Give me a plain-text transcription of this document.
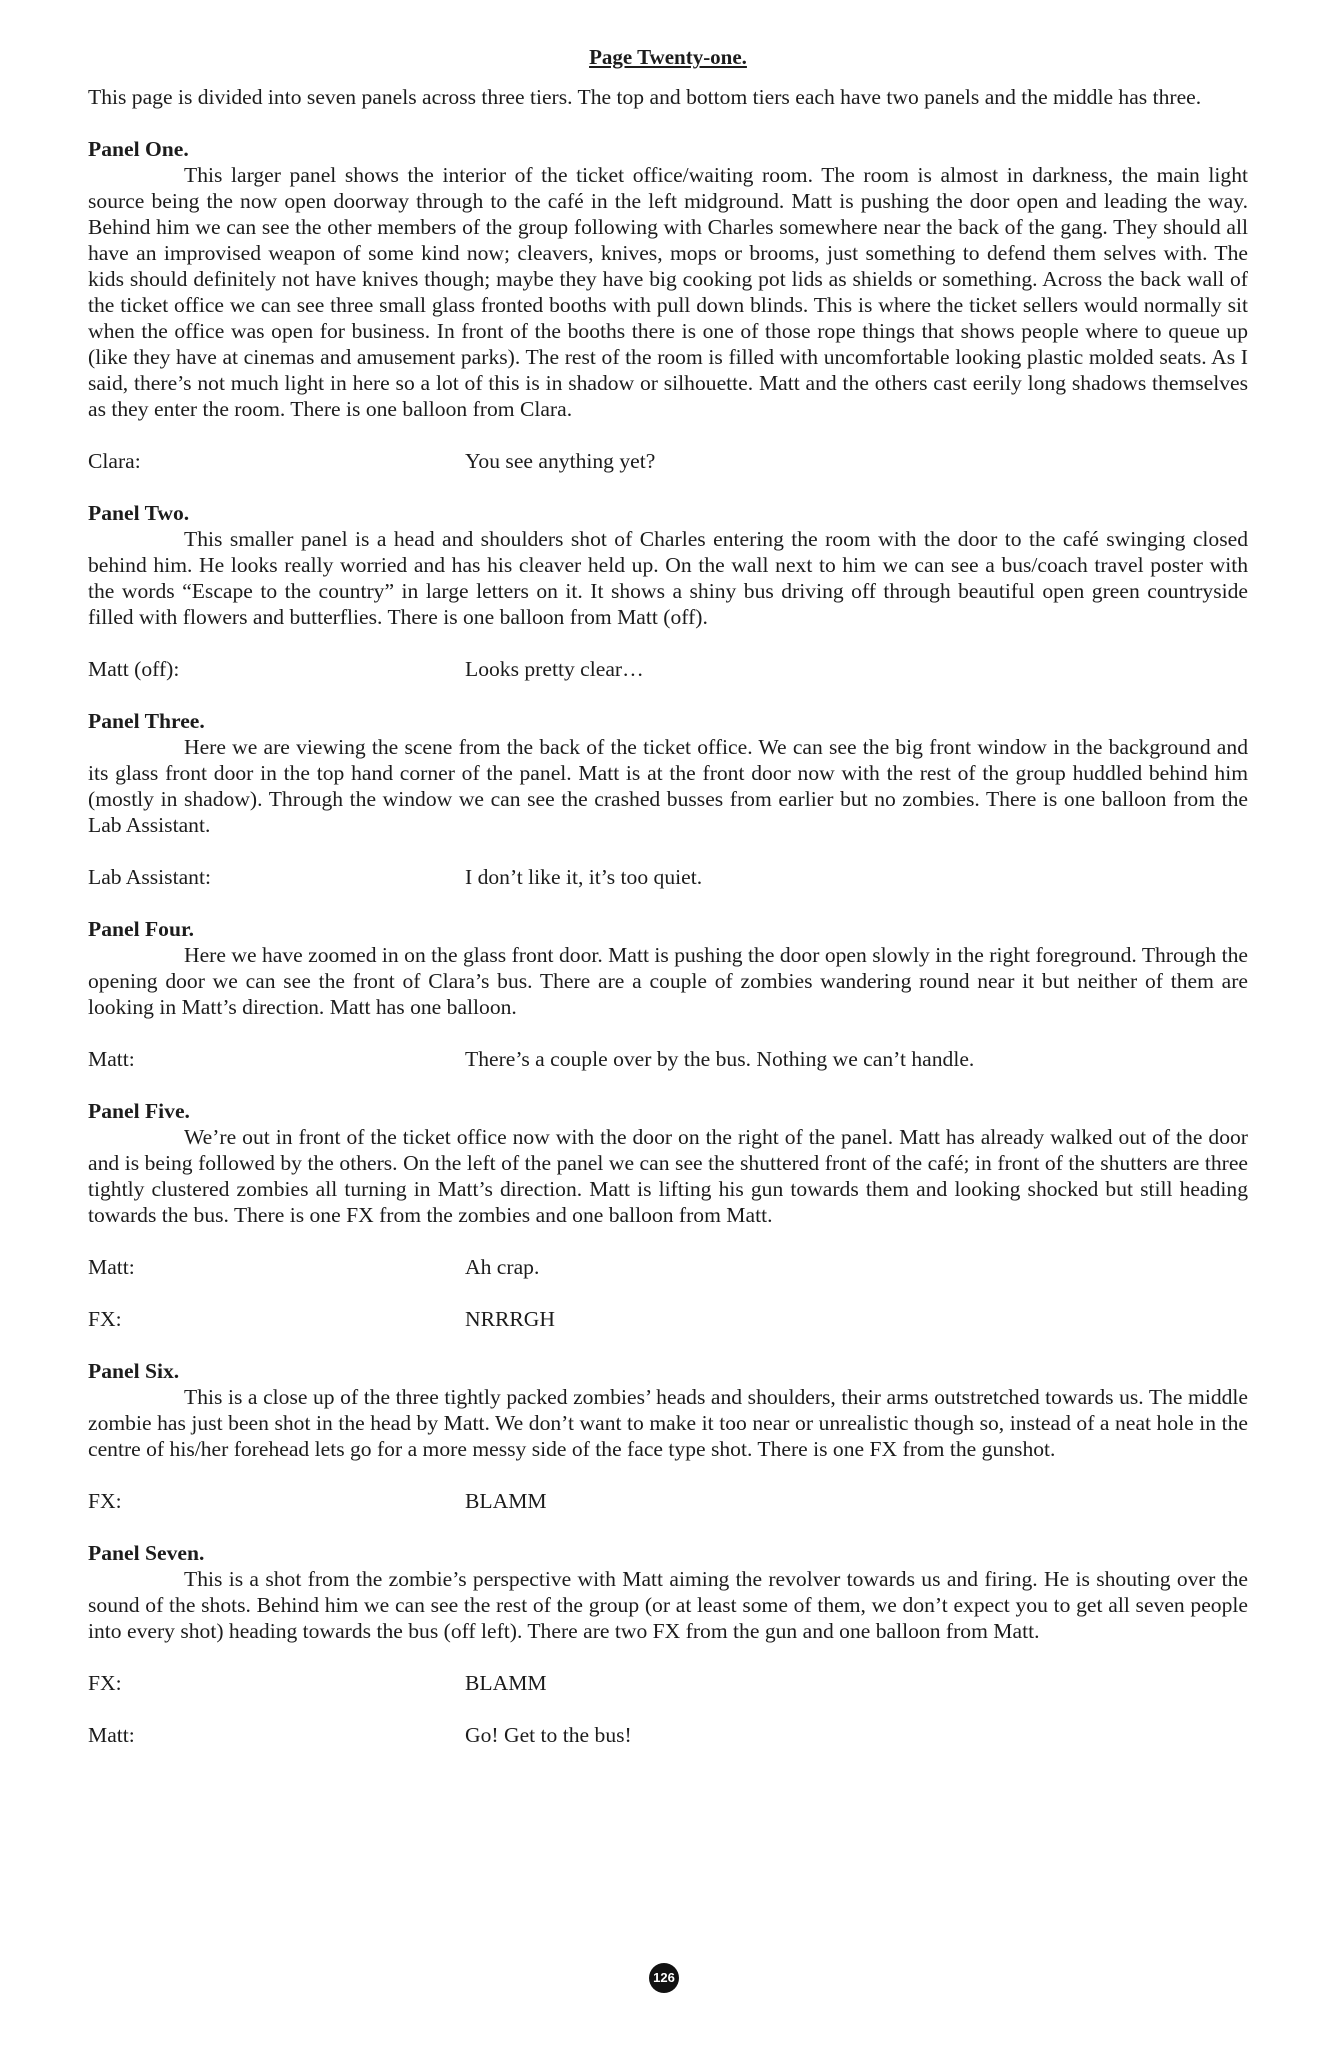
Page Twenty-one.

This page is divided into seven panels across three tiers. The top and bottom tiers each have two panels and the middle has three.

Panel One.

This larger panel shows the interior of the ticket office/waiting room. The room is almost in darkness, the main light source being the now open doorway through to the café in the left midground. Matt is pushing the door open and leading the way. Behind him we can see the other members of the group following with Charles somewhere near the back of the gang. They should all have an improvised weapon of some kind now; cleavers, knives, mops or brooms, just something to defend them selves with. The kids should definitely not have knives though; maybe they have big cooking pot lids as shields or something. Across the back wall of the ticket office we can see three small glass fronted booths with pull down blinds. This is where the ticket sellers would normally sit when the office was open for business. In front of the booths there is one of those rope things that shows people where to queue up (like they have at cinemas and amusement parks). The rest of the room is filled with uncomfortable looking plastic molded seats. As I said, there’s not much light in here so a lot of this is in shadow or silhouette. Matt and the others cast eerily long shadows themselves as they enter the room. There is one balloon from Clara.

Clara:	You see anything yet?

Panel Two.

This smaller panel is a head and shoulders shot of Charles entering the room with the door to the café swinging closed behind him. He looks really worried and has his cleaver held up. On the wall next to him we can see a bus/coach travel poster with the words “Escape to the country” in large letters on it. It shows a shiny bus driving off through beautiful open green countryside filled with flowers and butterflies. There is one balloon from Matt (off).

Matt (off):	Looks pretty clear…

Panel Three.

Here we are viewing the scene from the back of the ticket office. We can see the big front window in the background and its glass front door in the top hand corner of the panel. Matt is at the front door now with the rest of the group huddled behind him (mostly in shadow). Through the window we can see the crashed busses from earlier but no zombies. There is one balloon from the Lab Assistant.

Lab Assistant:	I don’t like it, it’s too quiet.

Panel Four.

Here we have zoomed in on the glass front door. Matt is pushing the door open slowly in the right foreground. Through the opening door we can see the front of Clara’s bus. There are a couple of zombies wandering round near it but neither of them are looking in Matt’s direction. Matt has one balloon.

Matt:	There’s a couple over by the bus. Nothing we can’t handle.

Panel Five.

We’re out in front of the ticket office now with the door on the right of the panel. Matt has already walked out of the door and is being followed by the others. On the left of the panel we can see the shuttered front of the café; in front of the shutters are three tightly clustered zombies all turning in Matt’s direction. Matt is lifting his gun towards them and looking shocked but still heading towards the bus. There is one FX from the zombies and one balloon from Matt.

Matt:	Ah crap.
FX:	NRRRGH

Panel Six.

This is a close up of the three tightly packed zombies’ heads and shoulders, their arms outstretched towards us. The middle zombie has just been shot in the head by Matt. We don’t want to make it too near or unrealistic though so, instead of a neat hole in the centre of his/her forehead lets go for a more messy side of the face type shot. There is one FX from the gunshot.

FX:	BLAMM

Panel Seven.

This is a shot from the zombie’s perspective with Matt aiming the revolver towards us and firing. He is shouting over the sound of the shots. Behind him we can see the rest of the group (or at least some of them, we don’t expect you to get all seven people into every shot) heading towards the bus (off left). There are two FX from the gun and one balloon from Matt.

FX:	BLAMM
Matt:	Go! Get to the bus!
126
